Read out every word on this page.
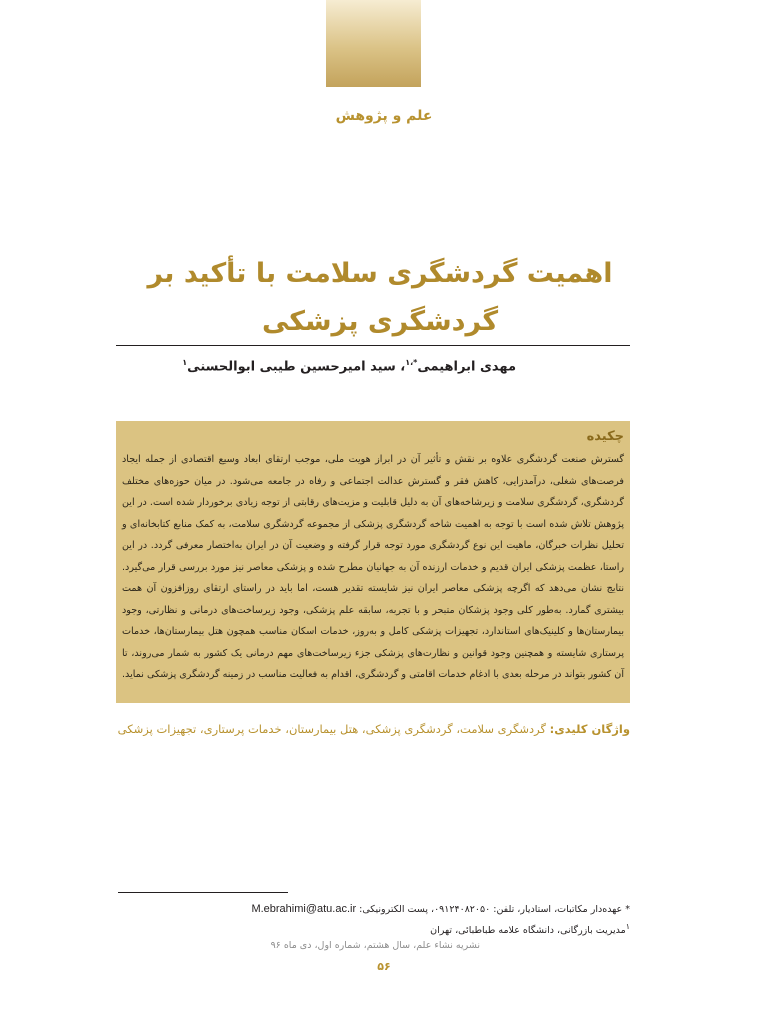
علم و پژوهش
اهمیت گردشگری سلامت با تأکید بر گردشگری پزشکی
مهدی ابراهیمی$^{*،۱}$، سید امیرحسین طیبی ابوالحسنی$^۱$
چکیده

گسترش صنعت گردشگری علاوه بر نقش و تأثیر آن در ابراز هویت ملی، موجب ارتقای ابعاد وسیع اقتصادی از جمله ایجاد فرصت‌های شغلی، درآمدزایی، کاهش فقر و گسترش عدالت اجتماعی و رفاه در جامعه می‌شود. در میان حوزه‌های مختلف گردشگری، گردشگری سلامت و زیرشاخه‌های آن به دلیل قابلیت و مزیت‌های رقابتی از توجه زیادی برخوردار شده است. در این پژوهش تلاش شده است با توجه به اهمیت شاخه گردشگری پزشکی از مجموعه گردشگری سلامت، به کمک منابع کتابخانه‌ای و تحلیل نظرات خبرگان، ماهیت این نوع گردشگری مورد توجه قرار گرفته و وضعیت آن در ایران به‌اختصار معرفی گردد. در این راستا، عظمت پزشکی ایران قدیم و خدمات ارزنده آن به جهانیان مطرح شده و پزشکی معاصر نیز مورد بررسی قرار می‌گیرد. نتایج نشان می‌دهد که اگرچه پزشکی معاصر ایران نیز شایسته تقدیر هست، اما باید در راستای ارتقای روزافزون آن همت بیشتری گمارد. به‌طور کلی وجود پزشکان متبحر و با تجربه، سابقه علم پزشکی، وجود زیرساخت‌های درمانی و نظارتی، وجود بیمارستان‌ها و کلینیک‌های استاندارد، تجهیزات پزشکی کامل و به‌روز، خدمات اسکان مناسب همچون هتل بیمارستان‌ها، خدمات پرستاری شایسته و همچنین وجود قوانین و نظارت‌های پزشکی جزء زیرساخت‌های مهم درمانی یک کشور به شمار می‌روند، تا آن کشور بتواند در مرحله بعدی با ادغام خدمات اقامتی و گردشگری، اقدام به فعالیت مناسب در زمینه گردشگری پزشکی نماید.

واژگان کلیدی: گردشگری سلامت، گردشگری پزشکی، هتل بیمارستان، خدمات پرستاری، تجهیزات پزشکی
* عهده‌دار مکاتبات، استادیار، تلفن: ۰۹۱۲۴۰۸۲۰۵۰، پست الکترونیکی: M.ebrahimi@atu.ac.ir
$^۱$مدیریت بازرگانی، دانشگاه علامه طباطبائی، تهران
نشریه نشاء علم، سال هشتم، شماره اول، دی ماه ۹۶
۵۶
